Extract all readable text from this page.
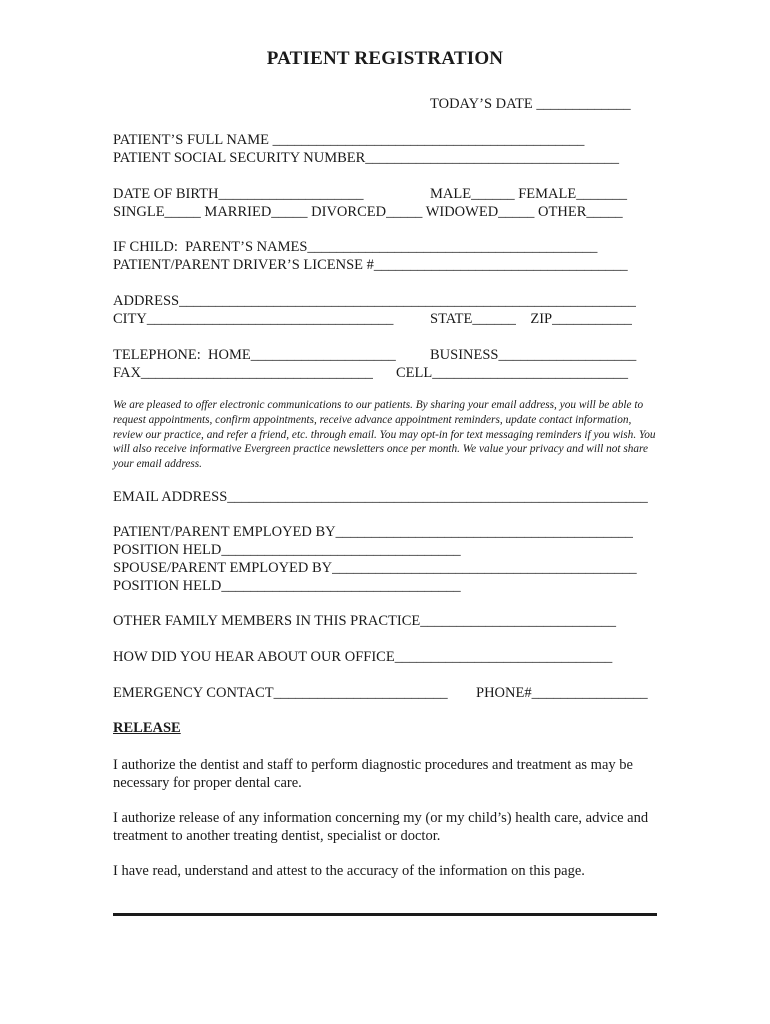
PATIENT REGISTRATION
TODAY’S DATE _____________
PATIENT’S FULL NAME ___________________________________________
PATIENT SOCIAL SECURITY NUMBER___________________________________
DATE OF BIRTH____________________	MALE______ FEMALE_______
SINGLE_____ MARRIED_____ DIVORCED_____ WIDOWED_____ OTHER_____
IF CHILD:  PARENT’S NAMES________________________________________
PATIENT/PARENT DRIVER’S LICENSE #___________________________________
ADDRESS_______________________________________________________________
CITY__________________________________	STATE______    ZIP___________
TELEPHONE:  HOME____________________ BUSINESS___________________
FAX________________________________ CELL___________________________
We are pleased to offer electronic communications to our patients. By sharing your email address, you will be able to request appointments, confirm appointments, receive advance appointment reminders, update contact information, review our practice, and refer a friend, etc. through email. You may opt-in for text messaging reminders if you wish. You will also receive informative Evergreen practice newsletters once per month. We value your privacy and will not share your email address.
EMAIL ADDRESS__________________________________________________________
PATIENT/PARENT EMPLOYED BY_________________________________________
POSITION HELD_________________________________
SPOUSE/PARENT EMPLOYED BY__________________________________________
POSITION HELD_________________________________
OTHER FAMILY MEMBERS IN THIS PRACTICE___________________________
HOW DID YOU HEAR ABOUT OUR OFFICE______________________________
EMERGENCY CONTACT________________________ PHONE#________________
RELEASE
I authorize the dentist and staff to perform diagnostic procedures and treatment as may be necessary for proper dental care.
I authorize release of any information concerning my (or my child’s) health care, advice and treatment to another treating dentist, specialist or doctor.
I have read, understand and attest to the accuracy of the information on this page.
